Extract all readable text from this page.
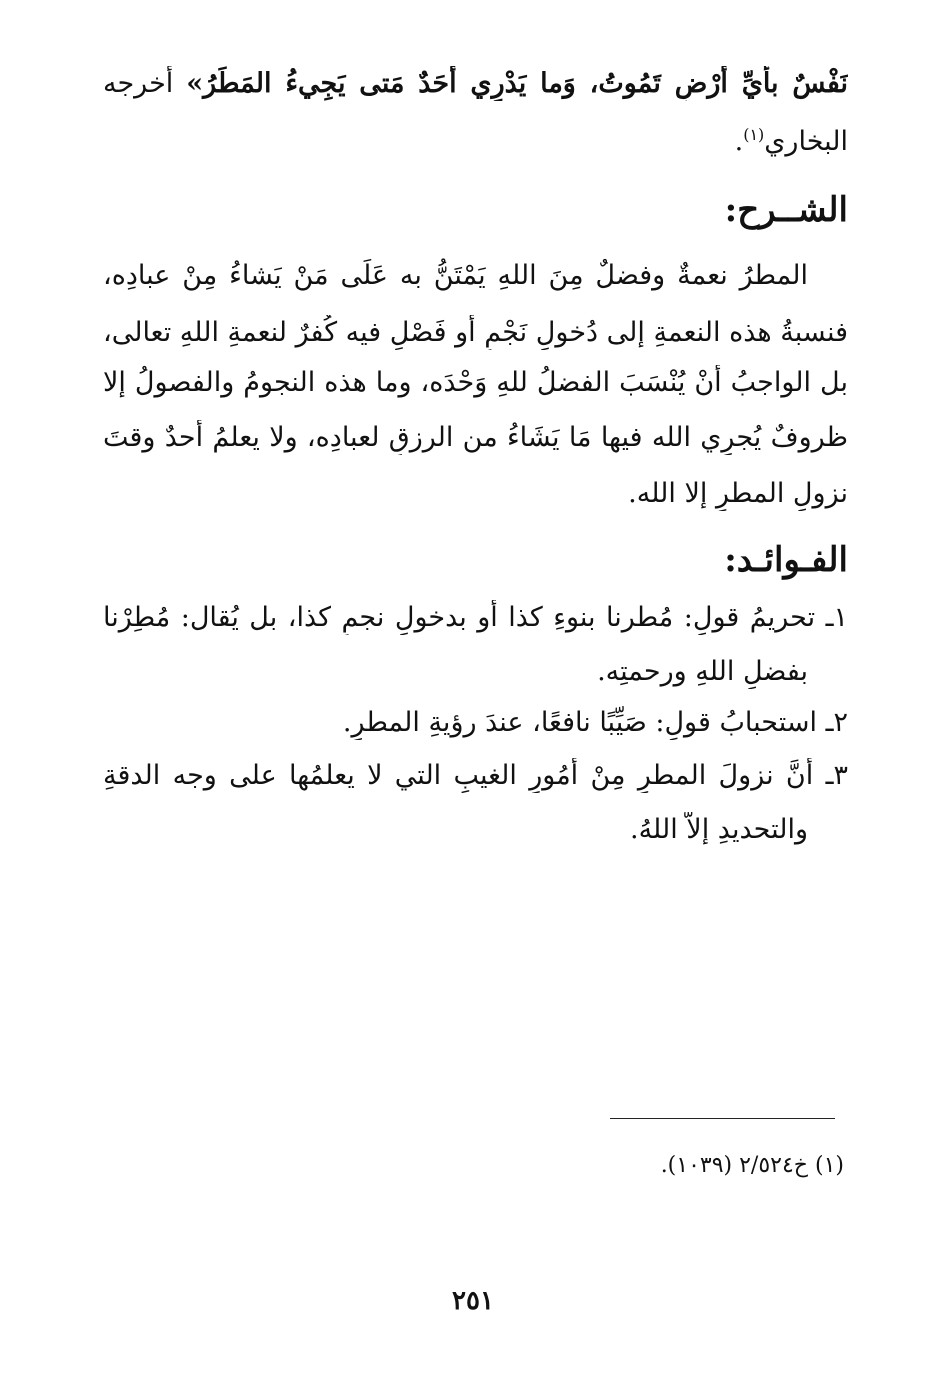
نَفْسٌ بأَيِّ أَرْضٍ تَمُوتُ، وَما يَدْرِي أَحَدٌ مَتى يَجِيءُ المَطَرُ» أخرجه
البخاري$^{(١)}$.
الشــرح:
المطرُ نعمةٌ وفضلٌ مِنَ اللهِ يَمْتَنُّ به عَلَى مَنْ يَشاءُ مِنْ عبادِه،
فنسبةُ هذه النعمةِ إلى دُخولِ نَجْمٍ أو فَصْلٍ فيه كُفرٌ لنعمةِ اللهِ تعالى،
بل الواجبُ أنْ يُنْسَبَ الفضلُ للهِ وَحْدَه، وما هذه النجومُ والفصولُ إلا
ظروفٌ يُجرِي الله فيها مَا يَشَاءُ من الرزقِ لعبادِه، ولا يعلمُ أحدٌ وقتَ
نزولِ المطرِ إلا الله.
الفـوائـد:
١ـ تحريمُ قولِ: مُطرنا بنوءِ كذا أو بدخولِ نجمٍ كذا، بل يُقال: مُطِرْنا
بفضلِ اللهِ ورحمتِه.
٢ـ استحبابُ قولِ: صَيِّبًا نافعًا، عندَ رؤيةِ المطرِ.
٣ـ أنَّ نزولَ المطرِ مِنْ أُمُورِ الغيبِ التي لا يعلمُها على وجه الدقةِ
والتحديدِ إلاّ اللهُ.
(١) خ٢/٥٢٤ (١٠٣٩).
٢٥١
